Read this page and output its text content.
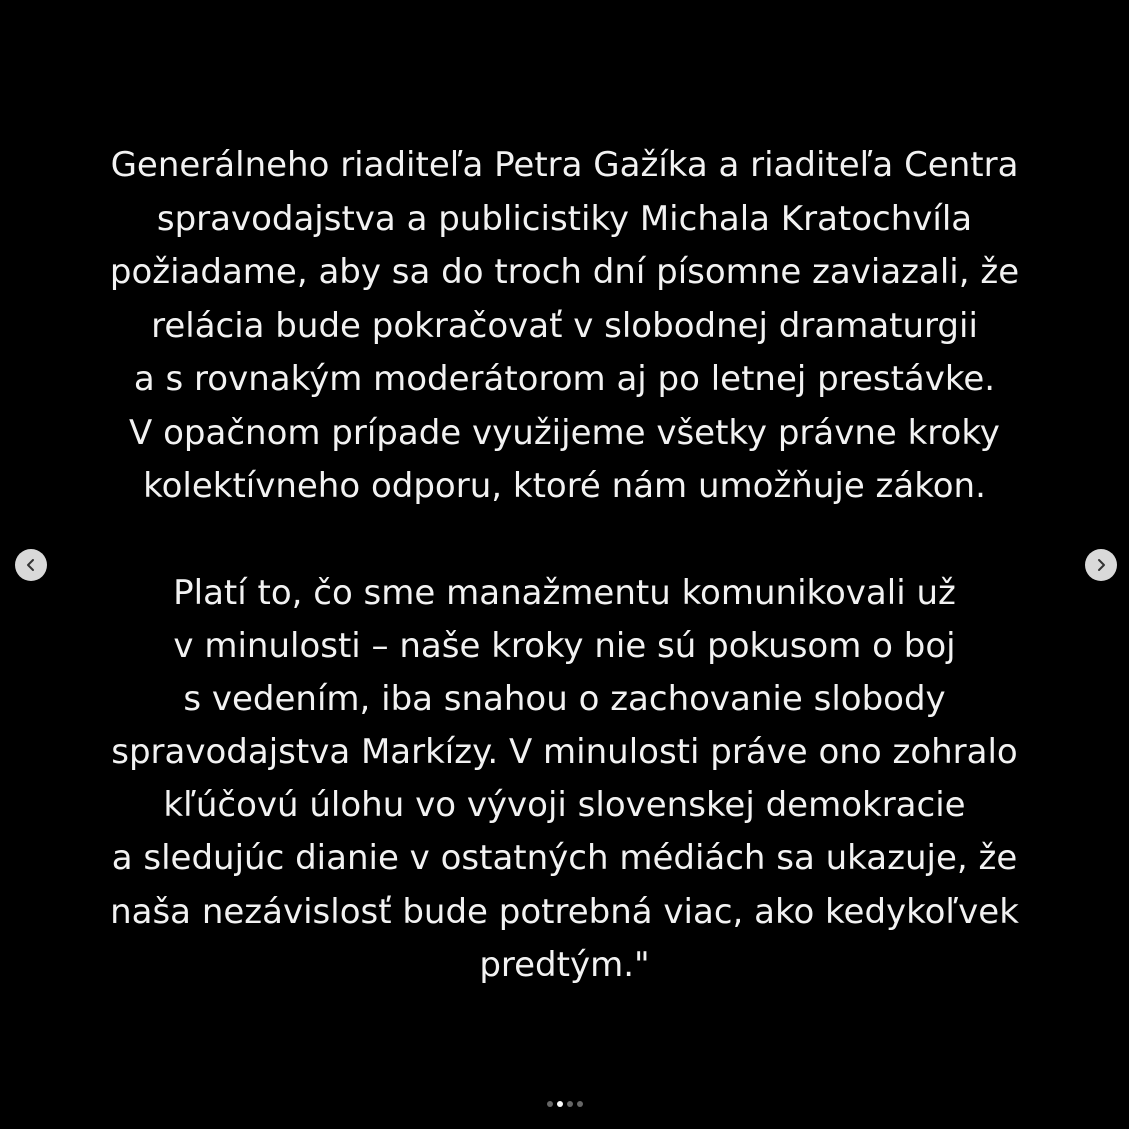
Generálneho riaditeľa Petra Gažíka a riaditeľa Centra
spravodajstva a publicistiky Michala Kratochvíla
požiadame, aby sa do troch dní písomne zaviazali, že
relácia bude pokračovať v slobodnej dramaturgii
a s rovnakým moderátorom aj po letnej prestávke.
V opačnom prípade využijeme všetky právne kroky
kolektívneho odporu, ktoré nám umožňuje zákon.
Platí to, čo sme manažmentu komunikovali už
v minulosti – naše kroky nie sú pokusom o boj
s vedením, iba snahou o zachovanie slobody
spravodajstva Markízy. V minulosti práve ono zohralo
kľúčovú úlohu vo vývoji slovenskej demokracie
a sledujúc dianie v ostatných médiách sa ukazuje, že
naša nezávislosť bude potrebná viac, ako kedykoľvek
predtým."
